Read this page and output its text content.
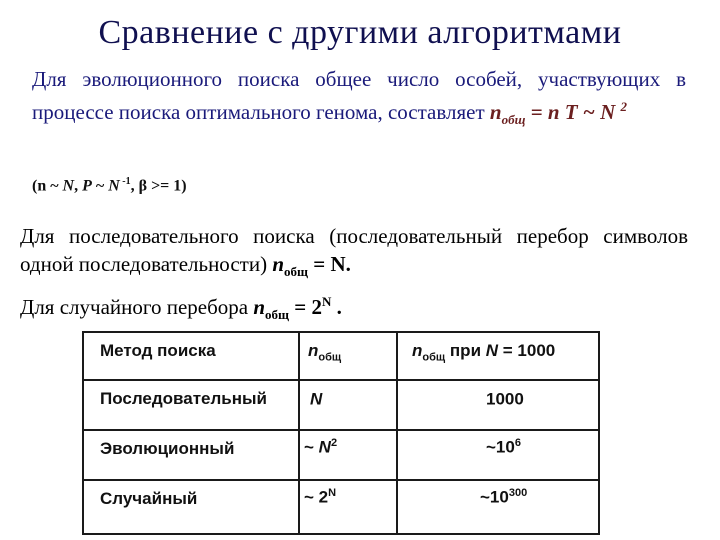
Сравнение с другими алгоритмами
Для эволюционного поиска общее число особей, участвующих в процессе поиска оптимального генома, составляет $n_{общ} = n$ T ~ N $^2$
(n ~ N, P ~ N $^{-1}$, β >= 1)
Для последовательного поиска (последовательный перебор символов одной последовательности) $n_{общ} = N$.
Для случайного перебора $n_{общ} = 2^N$ .
Метод поиска	$n_{общ}$	$n_{общ}$ при N = 1000
Последовательный	N	1000
Эволюционный	~ $N^2$	$\sim 10^6$
Случайный	~ $2^N$	$\sim 10^{300}$
